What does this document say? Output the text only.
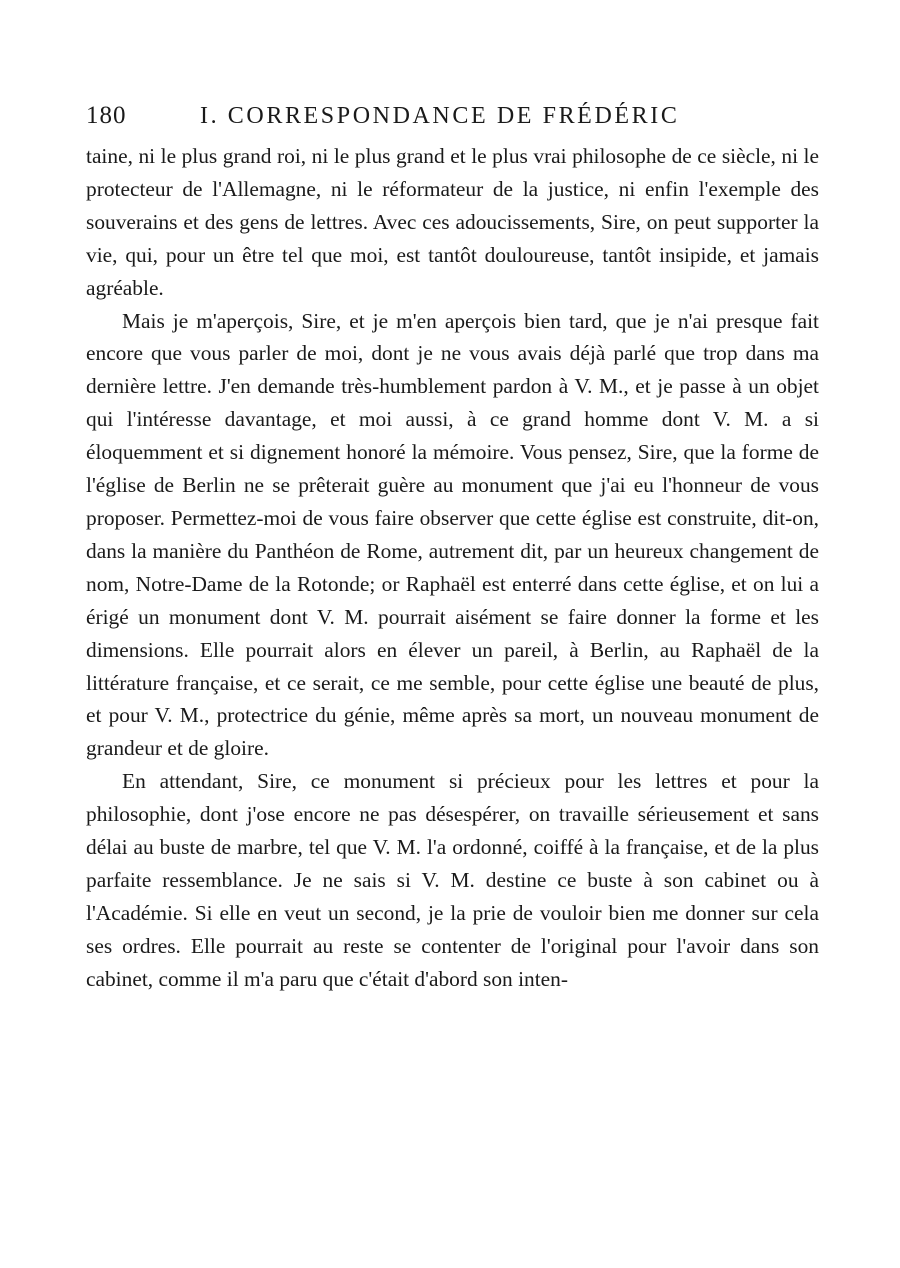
180	I. CORRESPONDANCE DE FRÉDÉRIC

taine, ni le plus grand roi, ni le plus grand et le plus vrai philosophe de ce siècle, ni le protecteur de l'Allemagne, ni le réformateur de la justice, ni enfin l'exemple des souverains et des gens de lettres. Avec ces adoucissements, Sire, on peut supporter la vie, qui, pour un être tel que moi, est tantôt douloureuse, tantôt insipide, et jamais agréable.

Mais je m'aperçois, Sire, et je m'en aperçois bien tard, que je n'ai presque fait encore que vous parler de moi, dont je ne vous avais déjà parlé que trop dans ma dernière lettre. J'en demande très-humblement pardon à V. M., et je passe à un objet qui l'intéresse davantage, et moi aussi, à ce grand homme dont V. M. a si éloquemment et si dignement honoré la mémoire. Vous pensez, Sire, que la forme de l'église de Berlin ne se prêterait guère au monument que j'ai eu l'honneur de vous proposer. Permettez-moi de vous faire observer que cette église est construite, dit-on, dans la manière du Panthéon de Rome, autrement dit, par un heureux changement de nom, Notre-Dame de la Rotonde; or Raphaël est enterré dans cette église, et on lui a érigé un monument dont V. M. pourrait aisément se faire donner la forme et les dimensions. Elle pourrait alors en élever un pareil, à Berlin, au Raphaël de la littérature française, et ce serait, ce me semble, pour cette église une beauté de plus, et pour V. M., protectrice du génie, même après sa mort, un nouveau monument de grandeur et de gloire.

En attendant, Sire, ce monument si précieux pour les lettres et pour la philosophie, dont j'ose encore ne pas désespérer, on travaille sérieusement et sans délai au buste de marbre, tel que V. M. l'a ordonné, coiffé à la française, et de la plus parfaite ressemblance. Je ne sais si V. M. destine ce buste à son cabinet ou à l'Académie. Si elle en veut un second, je la prie de vouloir bien me donner sur cela ses ordres. Elle pourrait au reste se contenter de l'original pour l'avoir dans son cabinet, comme il m'a paru que c'était d'abord son inten-
